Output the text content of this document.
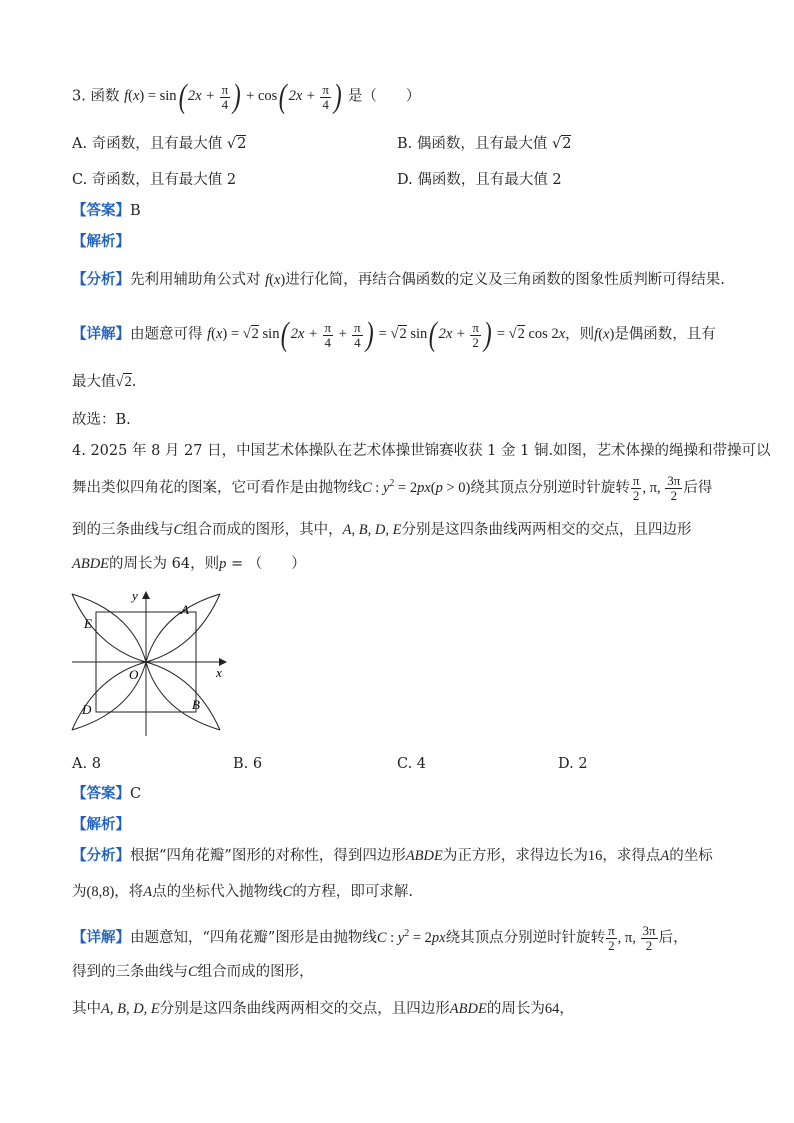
3. 函数 f(x) = sin( $2x + \frac{\pi}{4}$ ) + cos( $2x + \frac{\pi}{4}$ ) 是（　　）
A. 奇函数，且有最大值 √2	B. 偶函数，且有最大值 √2
C. 奇函数，且有最大值 2	D. 偶函数，且有最大值 2
【答案】B
【解析】
【分析】先利用辅助角公式对 f(x)进行化简，再结合偶函数的定义及三角函数的图象性质判断可得结果.
【详解】由题意可得 f(x) = √2 sin( $2x + \frac{\pi}{4} + \frac{\pi}{4}$ ) = √2 sin( $2x + \frac{\pi}{2}$ ) = √2 cos 2x，则f(x)是偶函数，且有
最大值√2.
故选：B.
4. 2025 年 8 月 27 日，中国艺术体操队在艺术体操世锦赛收获 1 金 1 铜.如图，艺术体操的绳操和带操可以
舞出类似四角花的图案，它可看作是由抛物线C : $y^2 = 2px(p > 0)$绕其顶点分别逆时针旋转 $\frac{\pi}{2}$ , π, $\frac{3\pi}{2}$ 后得
到的三条曲线与C组合而成的图形，其中，A, B, D, E分别是这四条曲线两两相交的交点，且四边形
ABDE的周长为 64，则p = （　　）
y
x
A
E
O
D	B
A. 8	B. 6	C. 4	D. 2
【答案】C
【解析】
【分析】根据“四角花瓣”图形的对称性，得到四边形ABDE为正方形，求得边长为16，求得点A的坐标
为(8,8)，将A点的坐标代入抛物线C的方程，即可求解.
【详解】由题意知，“四角花瓣”图形是由抛物线C : $y^2 = 2px$绕其顶点分别逆时针旋转 $\frac{\pi}{2}$ , π, $\frac{3\pi}{2}$ 后，
得到的三条曲线与C组合而成的图形，
其中A, B, D, E分别是这四条曲线两两相交的交点，且四边形ABDE的周长为64，
